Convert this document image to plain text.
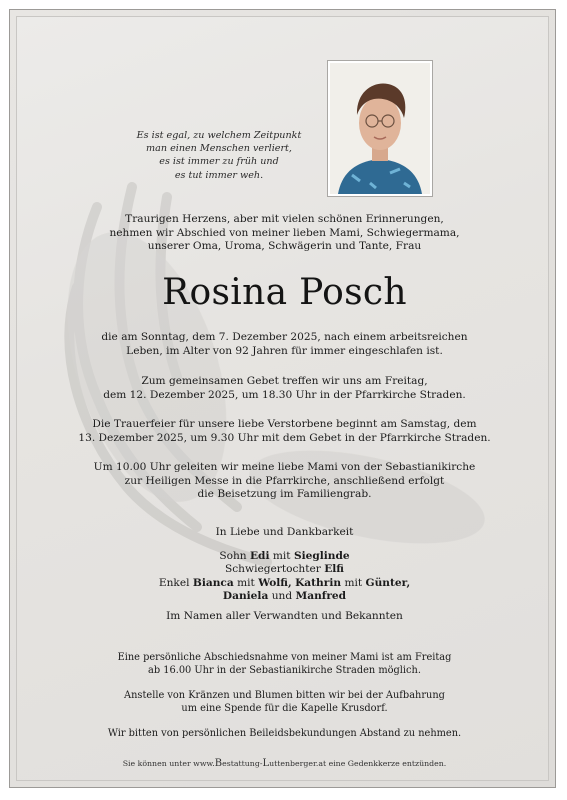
Es ist egal, zu welchem Zeitpunkt
man einen Menschen verliert,
es ist immer zu früh und
es tut immer weh.
Traurigen Herzens, aber mit vielen schönen Erinnerungen,
nehmen wir Abschied von meiner lieben Mami, Schwiegermama,
unserer Oma, Uroma, Schwägerin und Tante, Frau
Rosina Posch
die am Sonntag, dem 7. Dezember 2025, nach einem arbeitsreichen
Leben, im Alter von 92 Jahren für immer eingeschlafen ist.
Zum gemeinsamen Gebet treffen wir uns am Freitag,
dem 12. Dezember 2025, um 18.30 Uhr in der Pfarrkirche Straden.
Die Trauerfeier für unsere liebe Verstorbene beginnt am Samstag, dem
13. Dezember 2025, um 9.30 Uhr mit dem Gebet in der Pfarrkirche Straden.
Um 10.00 Uhr geleiten wir meine liebe Mami von der Sebastianikirche
zur Heiligen Messe in die Pfarrkirche, anschließend erfolgt
die Beisetzung im Familiengrab.
In Liebe und Dankbarkeit
Sohn Edi mit Sieglinde
Schwiegertochter Elfi
Enkel Bianca mit Wolfi, Kathrin mit Günter,
Daniela und Manfred
Im Namen aller Verwandten und Bekannten
Eine persönliche Abschiedsnahme von meiner Mami ist am Freitag
ab 16.00 Uhr in der Sebastianikirche Straden möglich.
Anstelle von Kränzen und Blumen bitten wir bei der Aufbahrung
um eine Spende für die Kapelle Krusdorf.
Wir bitten von persönlichen Beileidsbekundungen Abstand zu nehmen.
Sie können unter www.Bestattung-Luttenberger.at eine Gedenkkerze entzünden.
